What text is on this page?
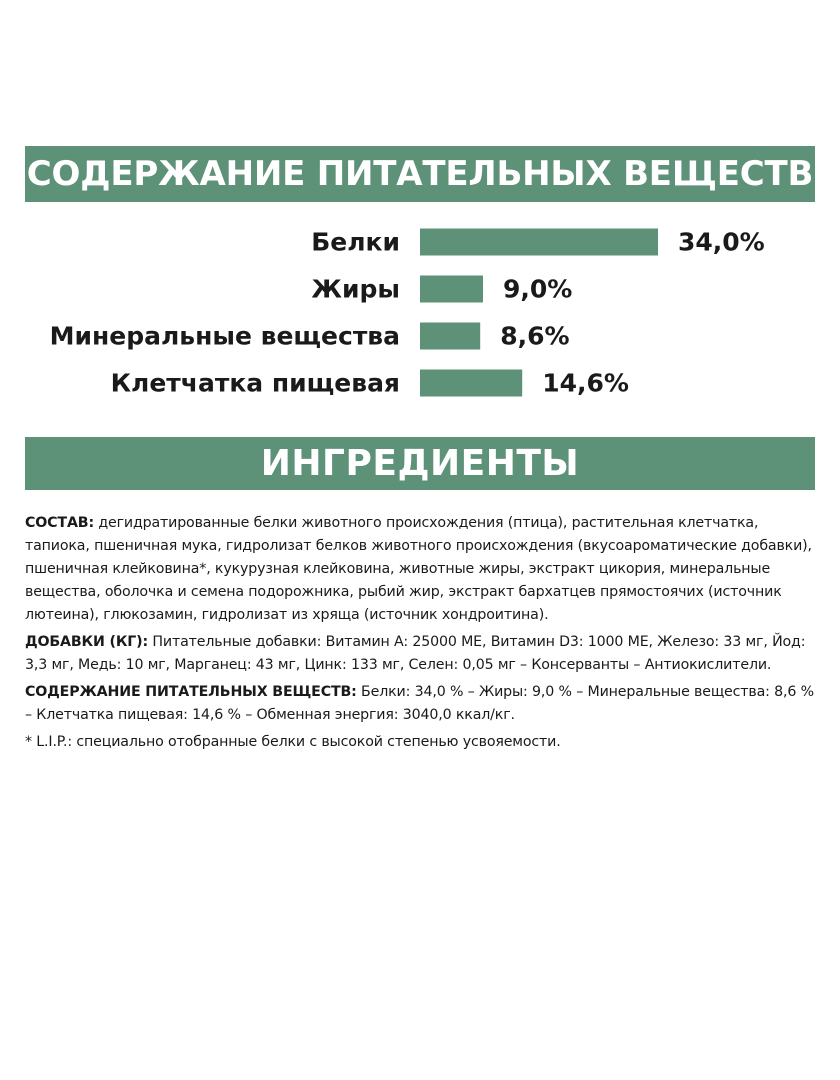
СОДЕРЖАНИЕ ПИТАТЕЛЬНЫХ ВЕЩЕСТВ
Белки	34,0%
Жиры	9,0%
Минеральные вещества	8,6%
Клетчатка пищевая	14,6%
ИНГРЕДИЕНТЫ

СОСТАВ: дегидратированные белки животного происхождения (птица), растительная клетчатка, тапиока, пшеничная мука, гидролизат белков животного происхождения (вкусоароматические добавки), пшеничная клейковина*, кукурузная клейковина, животные жиры, экстракт цикория, минеральные вещества, оболочка и семена подорожника, рыбий жир, экстракт бархатцев прямостоячих (источник лютеина), глюкозамин, гидролизат из хряща (источник хондроитина).

ДОБАВКИ (КГ): Питательные добавки: Витамин A: 25000 МЕ, Витамин D3: 1000 МЕ, Железо: 33 мг, Йод: 3,3 мг, Медь: 10 мг, Марганец: 43 мг, Цинк: 133 мг, Селен: 0,05 мг – Консерванты – Антиокислители.

СОДЕРЖАНИЕ ПИТАТЕЛЬНЫХ ВЕЩЕСТВ: Белки: 34,0 % – Жиры: 9,0 % – Минеральные вещества: 8,6 % – Клетчатка пищевая: 14,6 % – Обменная энергия: 3040,0 ккал/кг.

* L.I.P.: специально отобранные белки с высокой степенью усвояемости.
